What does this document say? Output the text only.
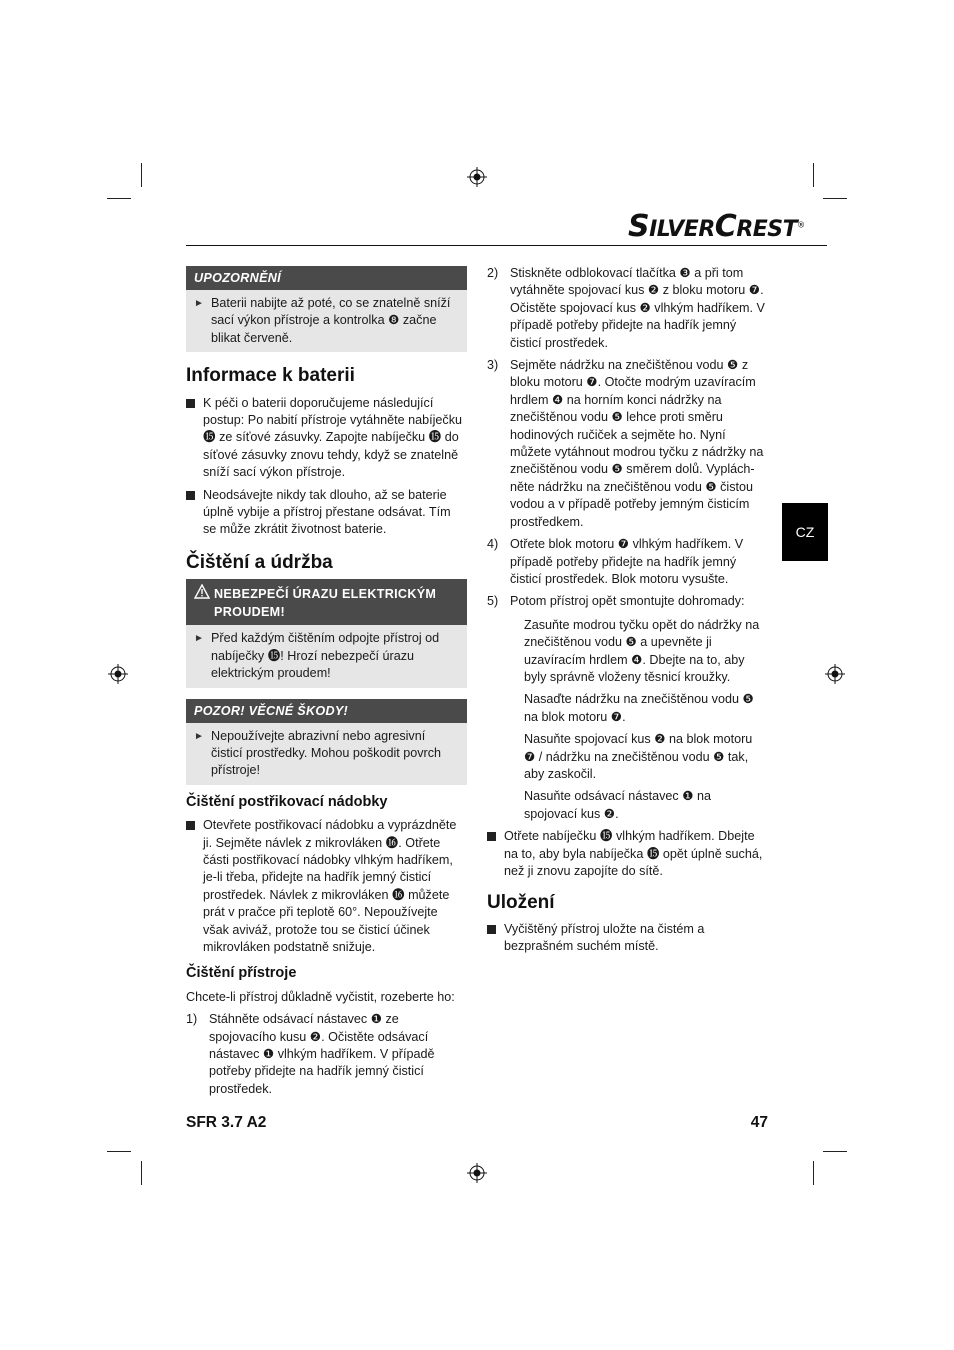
SILVERCREST®
CZ
UPOZORNĚNÍ
► Baterii nabijte až poté, co se znatelně sníží sací výkon přístroje a kontrolka ❽ začne blikat červeně.
Informace k baterii

K péči o baterii doporučujeme následující postup: Po nabití přístroje vytáhněte nabíječku ⓯ ze síťové zásuvky. Zapojte nabíječku ⓯ do síťové zásuvky znovu tehdy, když se znatelně sníží sací výkon přístroje.

Neodsávejte nikdy tak dlouho, až se baterie úplně vybije a přístroj přestane odsávat. Tím se může zkrátit životnost baterie.

Čištění a údržba
NEBEZPEČÍ ÚRAZU ELEKTRICKÝM PROUDEM!
► Před každým čištěním odpojte přístroj od nabíječky ⓯! Hrozí nebezpečí úrazu elektrickým proudem!
POZOR! VĚCNÉ ŠKODY!
► Nepoužívejte abrazivní nebo agresivní čisticí prostředky. Mohou poškodit povrch přístroje!
Čištění postřikovací nádobky

Otevřete postřikovací nádobku a vyprázdněte ji. Sejměte návlek z mikrovláken ⓰. Otřete části postřikovací nádobky vlhkým hadříkem, je-li třeba, přidejte na hadřík jemný čisticí prostředek. Návlek z mikrovláken ⓰ můžete prát v pračce při teplotě 60°. Nepoužívejte však aviváž, protože tou se čisticí účinek mikrovláken podstatně snižuje.

Čištění přístroje

Chcete-li přístroj důkladně vyčistit, rozeberte ho:

1) Stáhněte odsávací nástavec ❶ ze spojovacího kusu ❷. Očistěte odsávací nástavec ❶ vlhkým hadříkem. V případě potřeby přidejte na hadřík jemný čisticí prostředek.

2) Stiskněte odblokovací tlačítka ❸ a při tom vytáhněte spojovací kus ❷ z bloku motoru ❼. Očistěte spojovací kus ❷ vlhkým hadříkem. V případě potřeby přidejte na hadřík jemný čisticí prostředek.

3) Sejměte nádržku na znečištěnou vodu ❺ z bloku motoru ❼. Otočte modrým uzavíracím hrdlem ❹ na horním konci nádržky na znečištěnou vodu ❺ lehce proti směru hodinových ručiček a sejměte ho. Nyní můžete vytáhnout modrou tyčku z nádržky na znečištěnou vodu ❺ směrem dolů. Vyplách-něte nádržku na znečištěnou vodu ❺ čistou vodou a v případě potřeby jemným čisticím prostředkem.

4) Otřete blok motoru ❼ vlhkým hadříkem. V případě potřeby přidejte na hadřík jemný čisticí prostředek. Blok motoru vysušte.

5) Potom přístroj opět smontujte dohromady:

Zasuňte modrou tyčku opět do nádržky na znečištěnou vodu ❺ a upevněte ji uzavíracím hrdlem ❹. Dbejte na to, aby byly správně vloženy těsnicí kroužky.

Nasaďte nádržku na znečištěnou vodu ❺ na blok motoru ❼.

Nasuňte spojovací kus ❷ na blok motoru ❼ / nádržku na znečištěnou vodu ❺ tak, aby zaskočil.

Nasuňte odsávací nástavec ❶ na spojovací kus ❷.

Otřete nabíječku ⓯ vlhkým hadříkem. Dbejte na to, aby byla nabíječka ⓯ opět úplně suchá, než ji znovu zapojíte do sítě.

Uložení

Vyčištěný přístroj uložte na čistém a bezprašném suchém místě.

SFR 3.7 A2	47
